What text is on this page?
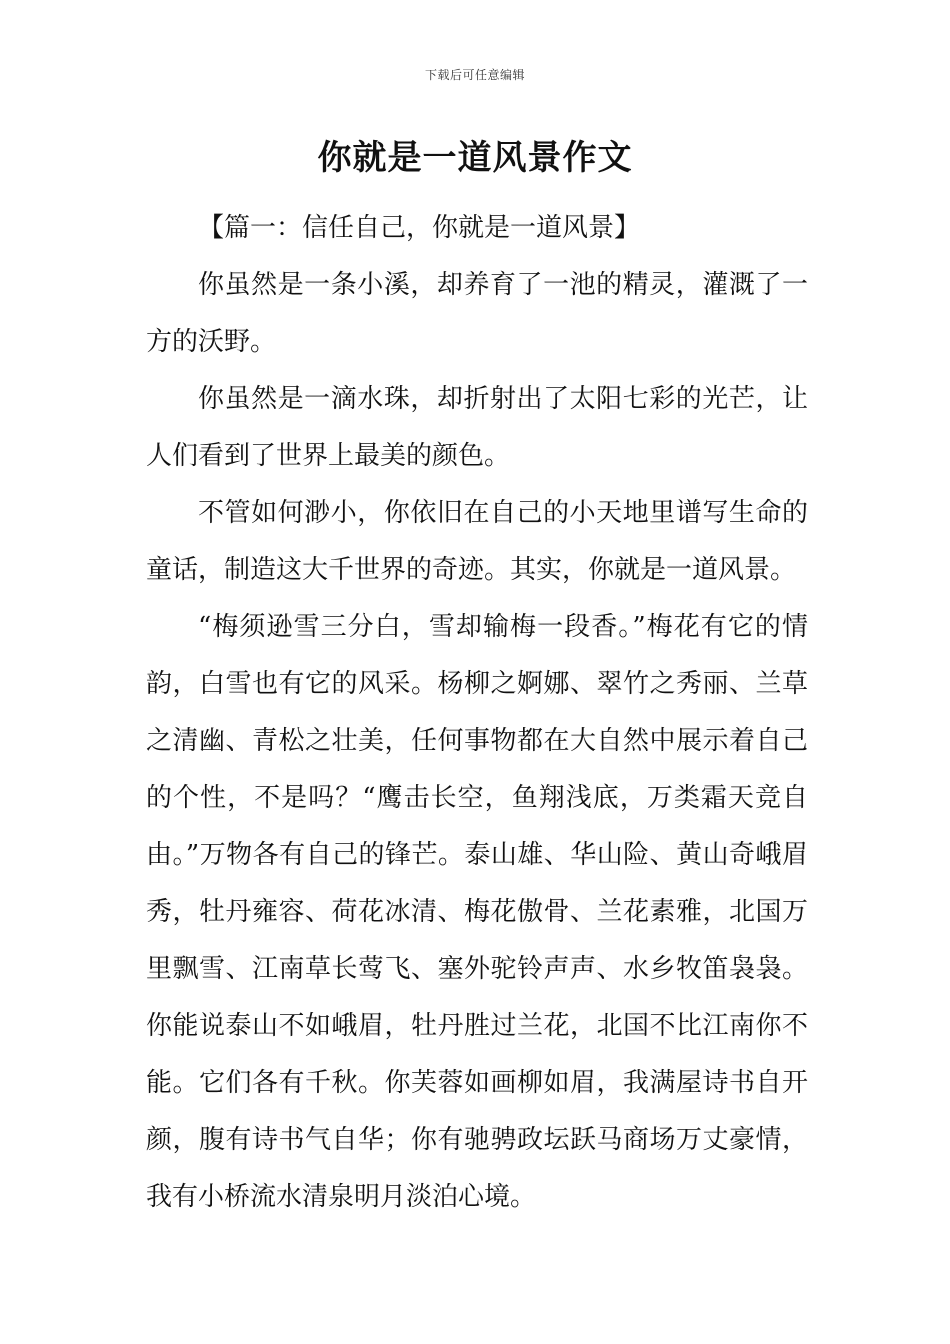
下载后可任意编辑
你就是一道风景作文

【篇一：信任自己，你就是一道风景】

你虽然是一条小溪，却养育了一池的精灵，灌溉了一方的沃野。

你虽然是一滴水珠，却折射出了太阳七彩的光芒，让人们看到了世界上最美的颜色。

不管如何渺小，你依旧在自己的小天地里谱写生命的童话，制造这大千世界的奇迹。其实，你就是一道风景。

“梅须逊雪三分白，雪却输梅一段香。”梅花有它的情韵，白雪也有它的风采。杨柳之婀娜、翠竹之秀丽、兰草之清幽、青松之壮美，任何事物都在大自然中展示着自己的个性，不是吗？“鹰击长空，鱼翔浅底，万类霜天竞自由。”万物各有自己的锋芒。泰山雄、华山险、黄山奇峨眉秀，牡丹雍容、荷花冰清、梅花傲骨、兰花素雅，北国万里飘雪、江南草长莺飞、塞外驼铃声声、水乡牧笛袅袅。你能说泰山不如峨眉，牡丹胜过兰花，北国不比江南你不能。它们各有千秋。你芙蓉如画柳如眉，我满屋诗书自开颜，腹有诗书气自华；你有驰骋政坛跃马商场万丈豪情，我有小桥流水清泉明月淡泊心境。
